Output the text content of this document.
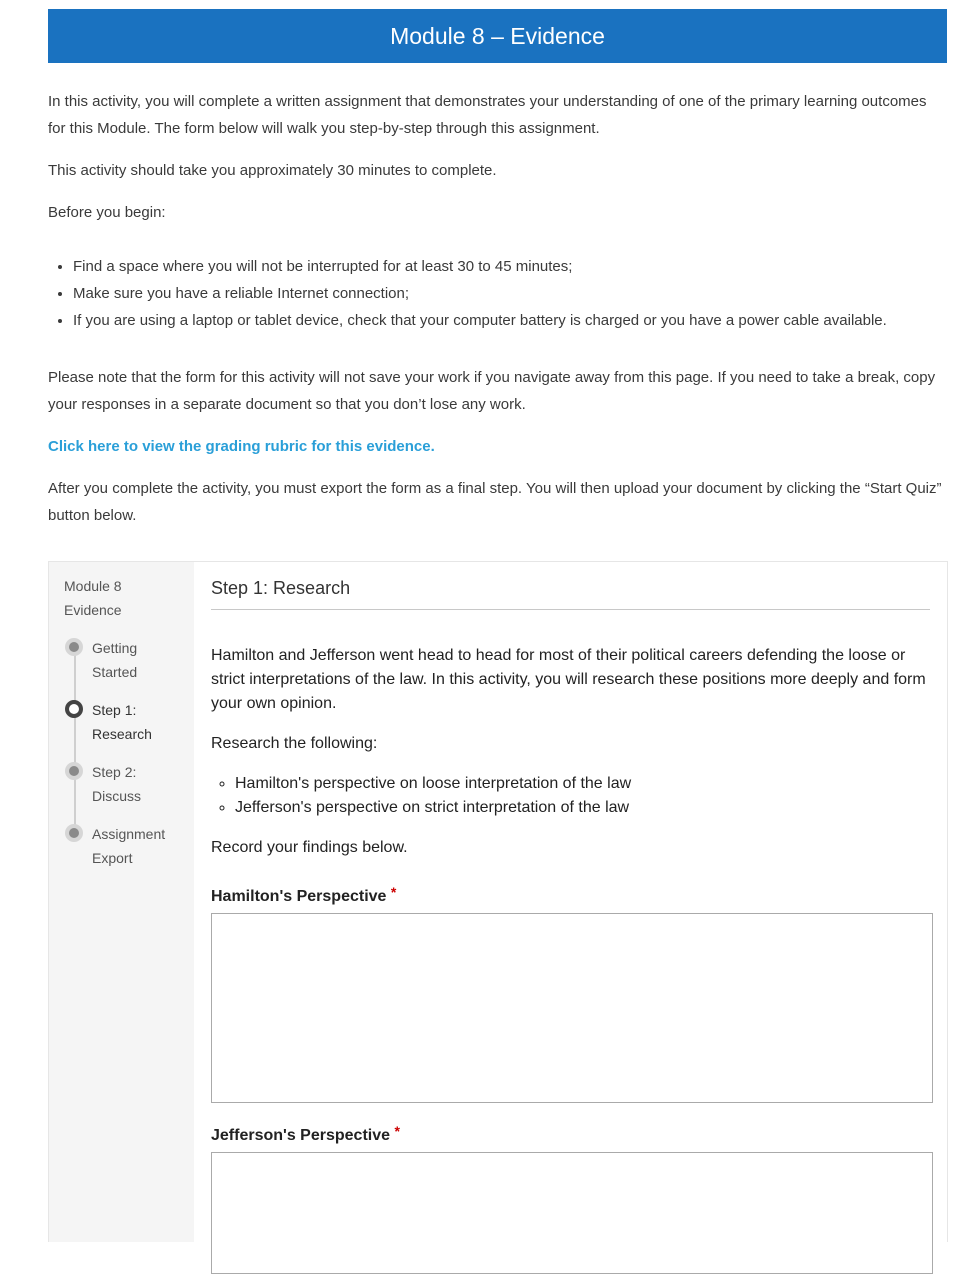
Module 8 – Evidence

In this activity, you will complete a written assignment that demonstrates your understanding of one of the primary learning outcomes for this Module. The form below will walk you step-by-step through this assignment.

This activity should take you approximately 30 minutes to complete.

Before you begin:

• Find a space where you will not be interrupted for at least 30 to 45 minutes;
• Make sure you have a reliable Internet connection;
• If you are using a laptop or tablet device, check that your computer battery is charged or you have a power cable available.

Please note that the form for this activity will not save your work if you navigate away from this page. If you need to take a break, copy your responses in a separate document so that you don’t lose any work.

Click here to view the grading rubric for this evidence.

After you complete the activity, you must export the form as a final step. You will then upload your document by clicking the “Start Quiz” button below.

Module 8
Evidence
Getting
Started
Step 1:
Research
Step 2:
Discuss
Assignment
Export
Step 1: Research

Hamilton and Jefferson went head to head for most of their political careers defending the loose or strict interpretations of the law. In this activity, you will research these positions more deeply and form your own opinion.

Research the following:

◦ Hamilton's perspective on loose interpretation of the law
◦ Jefferson's perspective on strict interpretation of the law

Record your findings below.

Hamilton's Perspective *
Jefferson's Perspective *
